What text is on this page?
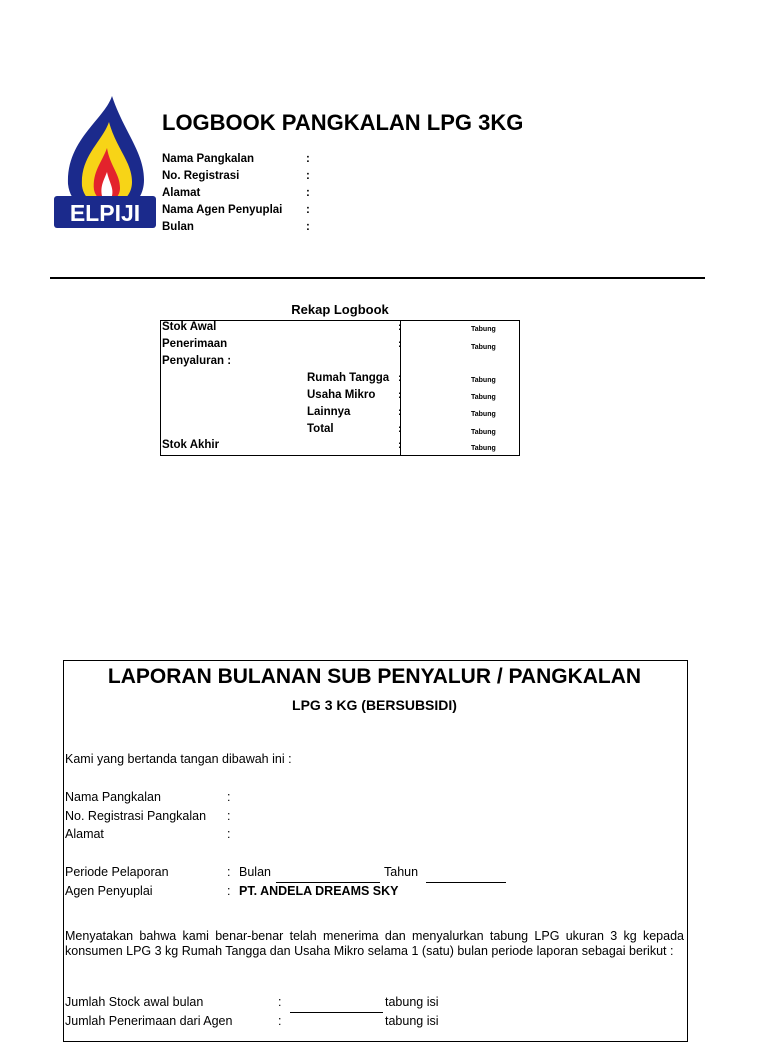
ELPIJI
LOGBOOK PANGKALAN LPG 3KG
Nama Pangkalan	:
No. Registrasi	:
Alamat	:
Nama Agen Penyuplai :
Bulan	:
Rekap Logbook
Stok Awal	:	Tabung
Penerimaan	:	Tabung
Penyaluran :
Rumah Tangga :	Tabung
Usaha Mikro :	Tabung
Lainnya	:	Tabung
Total	:	Tabung
Stok Akhir	:	Tabung
LAPORAN BULANAN SUB PENYALUR / PANGKALAN
LPG 3 KG (BERSUBSIDI)
Kami yang bertanda tangan dibawah ini :
Nama Pangkalan	:
No. Registrasi Pangkalan :
Alamat	:
Periode Pelaporan	: Bulan	Tahun
Agen Penyuplai	: PT. ANDELA DREAMS SKY
Menyatakan bahwa kami benar-benar telah menerima dan menyalurkan tabung LPG ukuran 3 kg kepada konsumen LPG 3 kg Rumah Tangga dan Usaha Mikro selama 1 (satu) bulan periode laporan sebagai berikut :
Jumlah Stock awal bulan	:	tabung isi
Jumlah Penerimaan dari Agen	:	tabung isi
